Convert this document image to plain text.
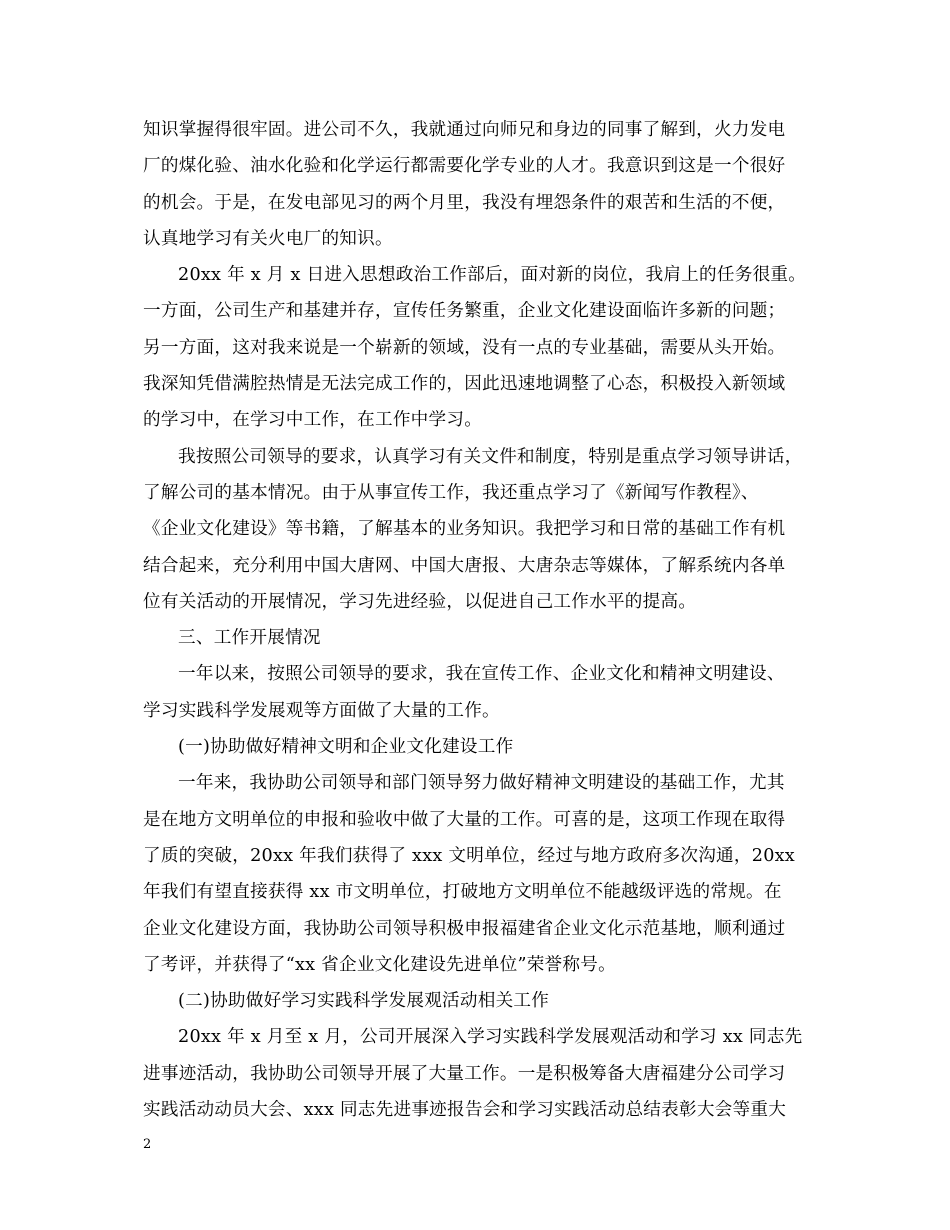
知识掌握得很牢固。进公司不久，我就通过向师兄和身边的同事了解到，火力发电
厂的煤化验、油水化验和化学运行都需要化学专业的人才。我意识到这是一个很好
的机会。于是，在发电部见习的两个月里，我没有埋怨条件的艰苦和生活的不便，
认真地学习有关火电厂的知识。
20xx 年 x 月 x 日进入思想政治工作部后，面对新的岗位，我肩上的任务很重。
一方面，公司生产和基建并存，宣传任务繁重，企业文化建设面临许多新的问题；
另一方面，这对我来说是一个崭新的领域，没有一点的专业基础，需要从头开始。
我深知凭借满腔热情是无法完成工作的，因此迅速地调整了心态，积极投入新领域
的学习中，在学习中工作，在工作中学习。
我按照公司领导的要求，认真学习有关文件和制度，特别是重点学习领导讲话，
了解公司的基本情况。由于从事宣传工作，我还重点学习了《新闻写作教程》、
《企业文化建设》等书籍，了解基本的业务知识。我把学习和日常的基础工作有机
结合起来，充分利用中国大唐网、中国大唐报、大唐杂志等媒体，了解系统内各单
位有关活动的开展情况，学习先进经验，以促进自己工作水平的提高。
三、工作开展情况
一年以来，按照公司领导的要求，我在宣传工作、企业文化和精神文明建设、
学习实践科学发展观等方面做了大量的工作。
(一)协助做好精神文明和企业文化建设工作
一年来，我协助公司领导和部门领导努力做好精神文明建设的基础工作，尤其
是在地方文明单位的申报和验收中做了大量的工作。可喜的是，这项工作现在取得
了质的突破，20xx 年我们获得了 xxx 文明单位，经过与地方政府多次沟通，20xx
年我们有望直接获得 xx 市文明单位，打破地方文明单位不能越级评选的常规。在
企业文化建设方面，我协助公司领导积极申报福建省企业文化示范基地，顺利通过
了考评，并获得了“xx 省企业文化建设先进单位”荣誉称号。
(二)协助做好学习实践科学发展观活动相关工作
20xx 年 x 月至 x 月，公司开展深入学习实践科学发展观活动和学习 xx 同志先
进事迹活动，我协助公司领导开展了大量工作。一是积极筹备大唐福建分公司学习
实践活动动员大会、xxx 同志先进事迹报告会和学习实践活动总结表彰大会等重大
2
